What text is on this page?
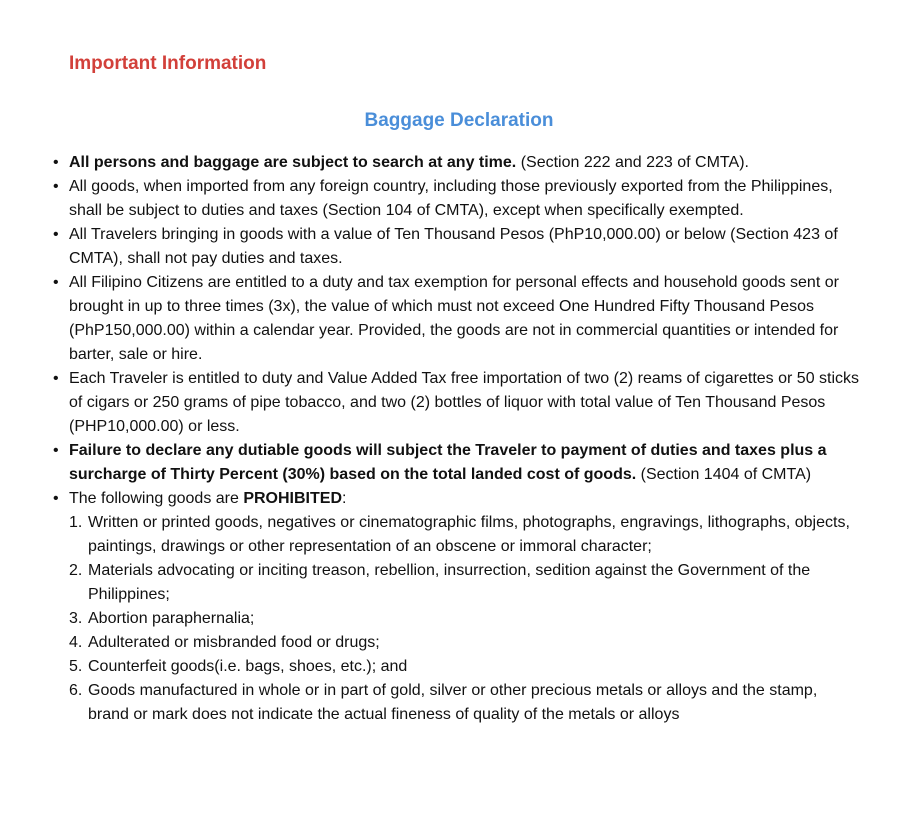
Important Information
Baggage Declaration
• All persons and baggage are subject to search at any time. (Section 222 and 223 of CMTA).
• All goods, when imported from any foreign country, including those previously exported from the Philippines, shall be subject to duties and taxes (Section 104 of CMTA), except when specifically exempted.
• All Travelers bringing in goods with a value of Ten Thousand Pesos (PhP10,000.00) or below (Section 423 of CMTA), shall not pay duties and taxes.
• All Filipino Citizens are entitled to a duty and tax exemption for personal effects and household goods sent or brought in up to three times (3x), the value of which must not exceed One Hundred Fifty Thousand Pesos (PhP150,000.00) within a calendar year. Provided, the goods are not in commercial quantities or intended for barter, sale or hire.
• Each Traveler is entitled to duty and Value Added Tax free importation of two (2) reams of cigarettes or 50 sticks of cigars or 250 grams of pipe tobacco, and two (2) bottles of liquor with total value of Ten Thousand Pesos (PHP10,000.00) or less.
• Failure to declare any dutiable goods will subject the Traveler to payment of duties and taxes plus a surcharge of Thirty Percent (30%) based on the total landed cost of goods. (Section 1404 of CMTA)
• The following goods are PROHIBITED:
1. Written or printed goods, negatives or cinematographic films, photographs, engravings, lithographs, objects, paintings, drawings or other representation of an obscene or immoral character;
2. Materials advocating or inciting treason, rebellion, insurrection, sedition against the Government of the Philippines;
3. Abortion paraphernalia;
4. Adulterated or misbranded food or drugs;
5. Counterfeit goods(i.e. bags, shoes, etc.); and
6. Goods manufactured in whole or in part of gold, silver or other precious metals or alloys and the stamp, brand or mark does not indicate the actual fineness of quality of the metals or alloys
